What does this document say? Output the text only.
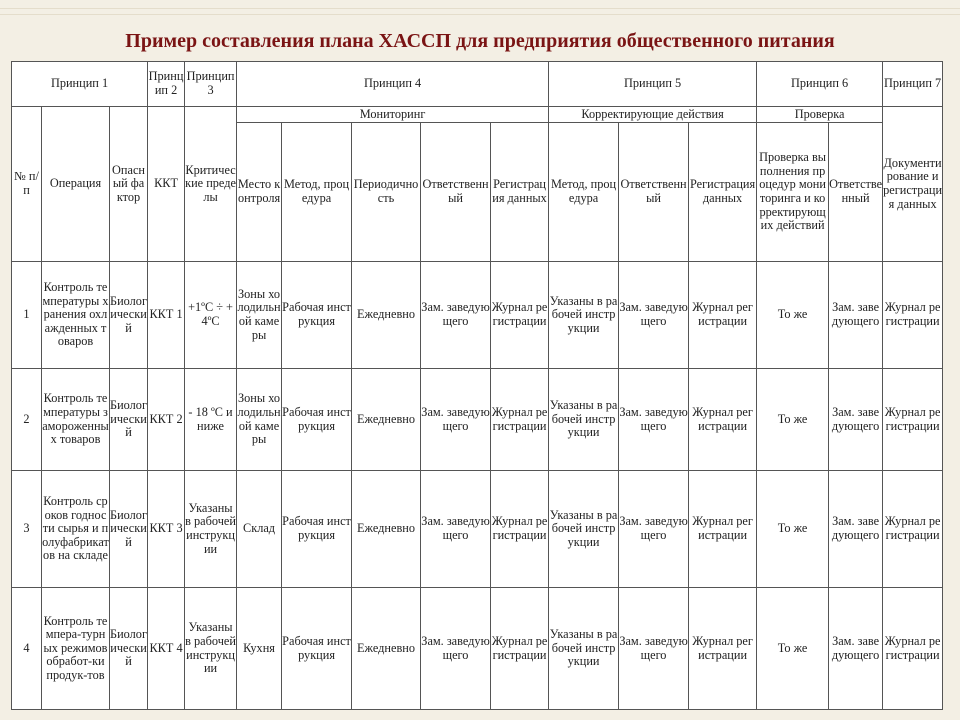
Пример составления плана ХАССП для предприятия общественного питания
Принцип 1			Принцип 2	Принцип 3	Принцип 4					Принцип 5			Принцип 6		Принцип 7
№ п/п	Операция	Опасный фактор	ККТ	Критические пределы	Мониторинг					Корректирующие действия			Проверка		Документирование и регистрация данных
					Место контроля	Метод, процедура	Периодичность	Ответственный	Регистрация данных	Метод, процедура	Ответственный	Регистрация данных	Проверка выполнения процедур мониторинга и корректирующих действий	Ответственный	
1	Контроль температуры хранения охлажденных товаров	Биологический	ККТ 1	+1ºС ÷ +4ºС	Зоны холодильной камеры	Рабочая инструкция	Ежедневно	Зам. заведующего	Журнал регистрации	Указаны в рабочей инструкции	Зам. заведующего	Журнал регистрации	То же	Зам. заведующего	Журнал регистрации
2	Контроль температуры замороженных товаров	Биологический	ККТ 2	- 18 ºС и ниже	Зоны холодильной камеры	Рабочая инструкция	Ежедневно	Зам. заведующего	Журнал регистрации	Указаны в рабочей инструкции	Зам. заведующего	Журнал регистрации	То же	Зам. заведующего	Журнал регистрации
3	Контроль сроков годности сырья и полуфабрикатов на складе	Биологический	ККТ 3	Указаны в рабочей инструкции	Склад	Рабочая инструкция	Ежедневно	Зам. заведующего	Журнал регистрации	Указаны в рабочей инструкции	Зам. заведующего	Журнал регистрации	То же	Зам. заведующего	Журнал регистрации
4	Контроль темпера-турных режимов обработ-ки продук-тов	Биологический	ККТ 4	Указаны в рабочей инструкции	Кухня	Рабочая инструкция	Ежедневно	Зам. заведующего	Журнал регистрации	Указаны в рабочей инструкции	Зам. заведующего	Журнал регистрации	То же	Зам. заведующего	Журнал регистрации
